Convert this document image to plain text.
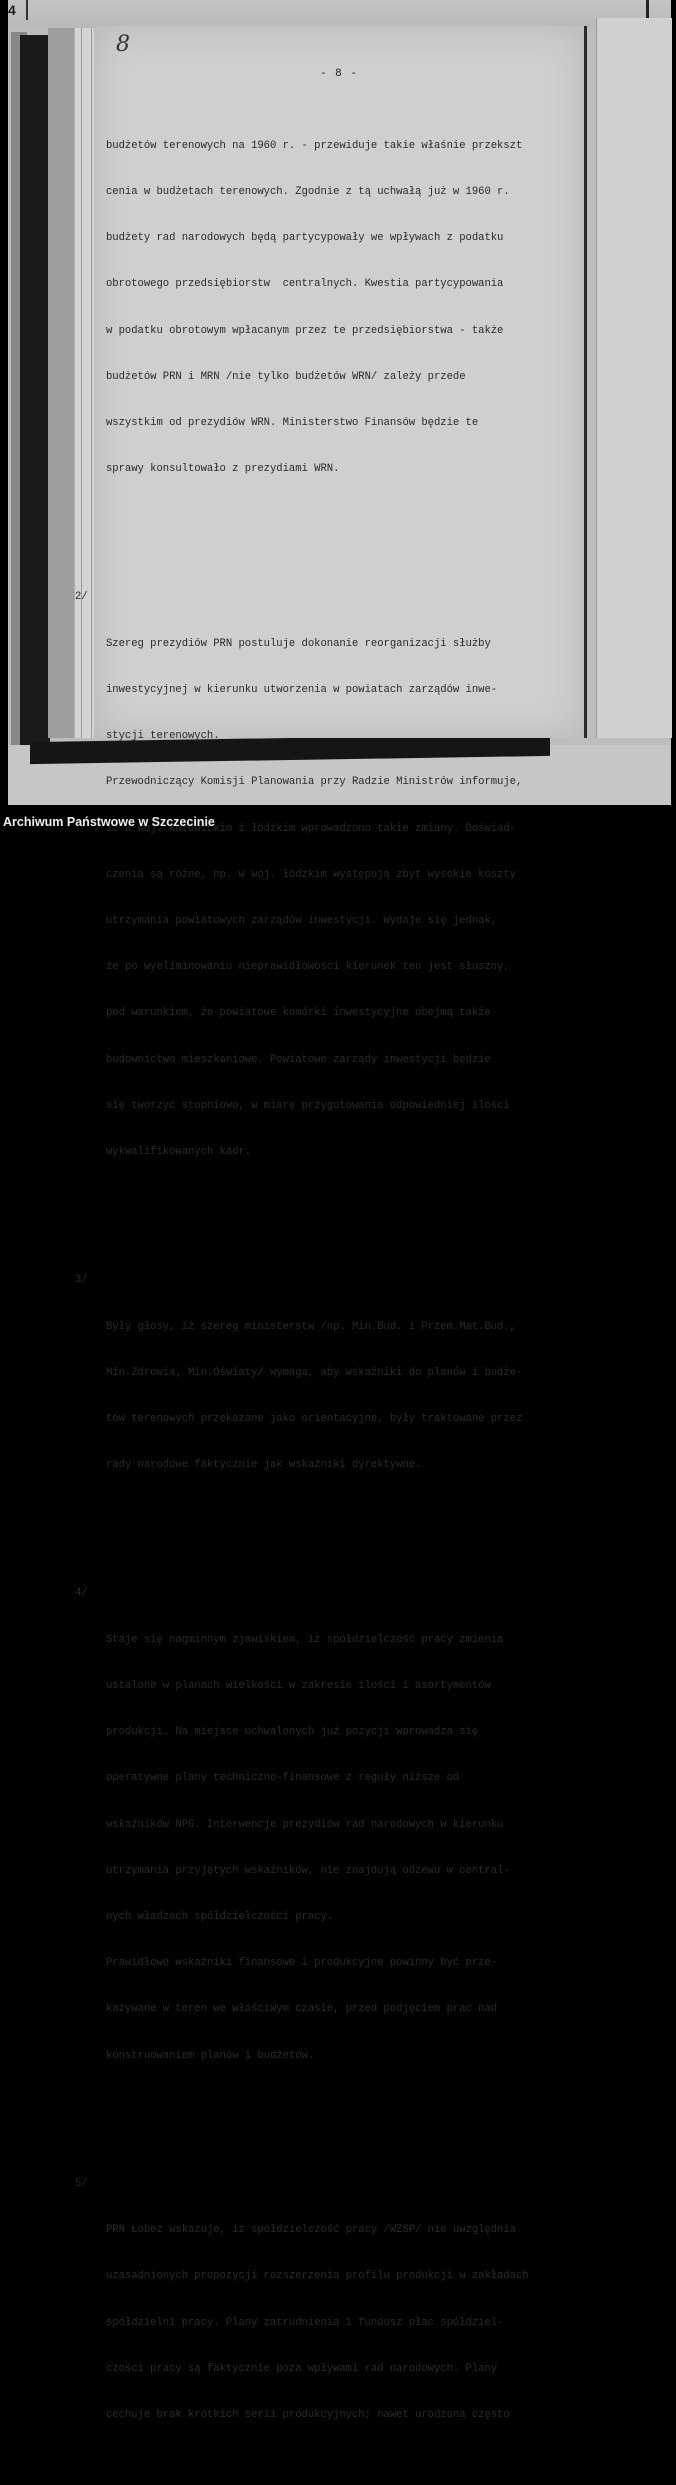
4
8
- 8 -

budżetów terenowych na 1960 r. - przewiduje takie właśnie przekszt

cenia w budżetach terenowych. Zgodnie z tą uchwałą już w 1960 r.

budżety rad narodowych będą partycypowały we wpływach z podatku

obrotowego przedsiębiorstw  centralnych. Kwestia partycypowania

w podatku obrotowym wpłacanym przez te przedsiębiorstwa - także

budżetów PRN i MRN /nie tylko budżetów WRN/ zależy przede

wszystkim od prezydiów WRN. Ministerstwo Finansów będzie te

sprawy konsultowało z prezydiami WRN.

2/

Szereg prezydiów PRN postuluje dokonanie reorganizacji służby

inwestycyjnej w kierunku utworzenia w powiatach zarządów inwe-

stycji terenowych.

Przewodniczący Komisji Planowania przy Radzie Ministrów informuje,

iż w woj. katowickim i łódzkim wprowadzono takie zmiany. Doświad-

czenia są różne, np. w woj. łódzkim występują zbyt wysokie koszty

utrzymania powiatowych zarządów inwestycji. Wydaje się jednak,

że po wyeliminowaniu nieprawidłowości kierunek ten jest słuszny,

pod warunkiem, że powiatowe komórki inwestycyjne obejmą także

budownictwo mieszkaniowe. Powiatowe zarządy inwestycji będzie

się tworzyć stopniowo, w miarę przygotowania odpowiedniej ilości

wykwalifikowanych kadr.

3/

Były głosy, iż szereg ministerstw /np. Min.Bud. i Przem.Mat.Bud.,

Min.Zdrowia, Min.Oświaty/ wymaga, aby wskaźniki do planów i budże-

tów terenowych przekazane jako orientacyjne, były traktowane przez

rady narodowe faktycznie jak wskaźniki dyrektywne.

4/

Staje się nagminnym zjawiskiem, iż spółdzielczość pracy zmienia

ustalone w planach wielkości w zakresie ilości i asortymentów

produkcji. Na miejsce uchwalonych już pozycji wprowadza się

operatywne plany techniczno-finansowe z reguły niższe od

wskaźników NPG. Interwencje prezydiów rad narodowych w kierunku

utrzymania przyjętych wskaźników, nie znajdują odzewu w central-

nych władzach spółdzielczości pracy.

Prawidłowe wskaźniki finansowe i produkcyjne powinny być prze-

kazywane w teren we właściwym czasie, przed podjęciem prac nad

konstruowaniem planów i budżetów.

5/

PRN Łobez wskazuje, iż spółdzielczość pracy /WZSP/ nie uwzględnia

uzasadnionych propozycji rozszerzenia profilu produkcji w zakładach

spółdzielni pracy. Plany zatrudnienia i fundusz płac spółdziel-

czości pracy są faktycznie poza wpływami rad narodowych. Plany

cechuje brak krótkich serii produkcyjnych; nawet urodzona często

Archiwum Państwowe w Szczecinie
